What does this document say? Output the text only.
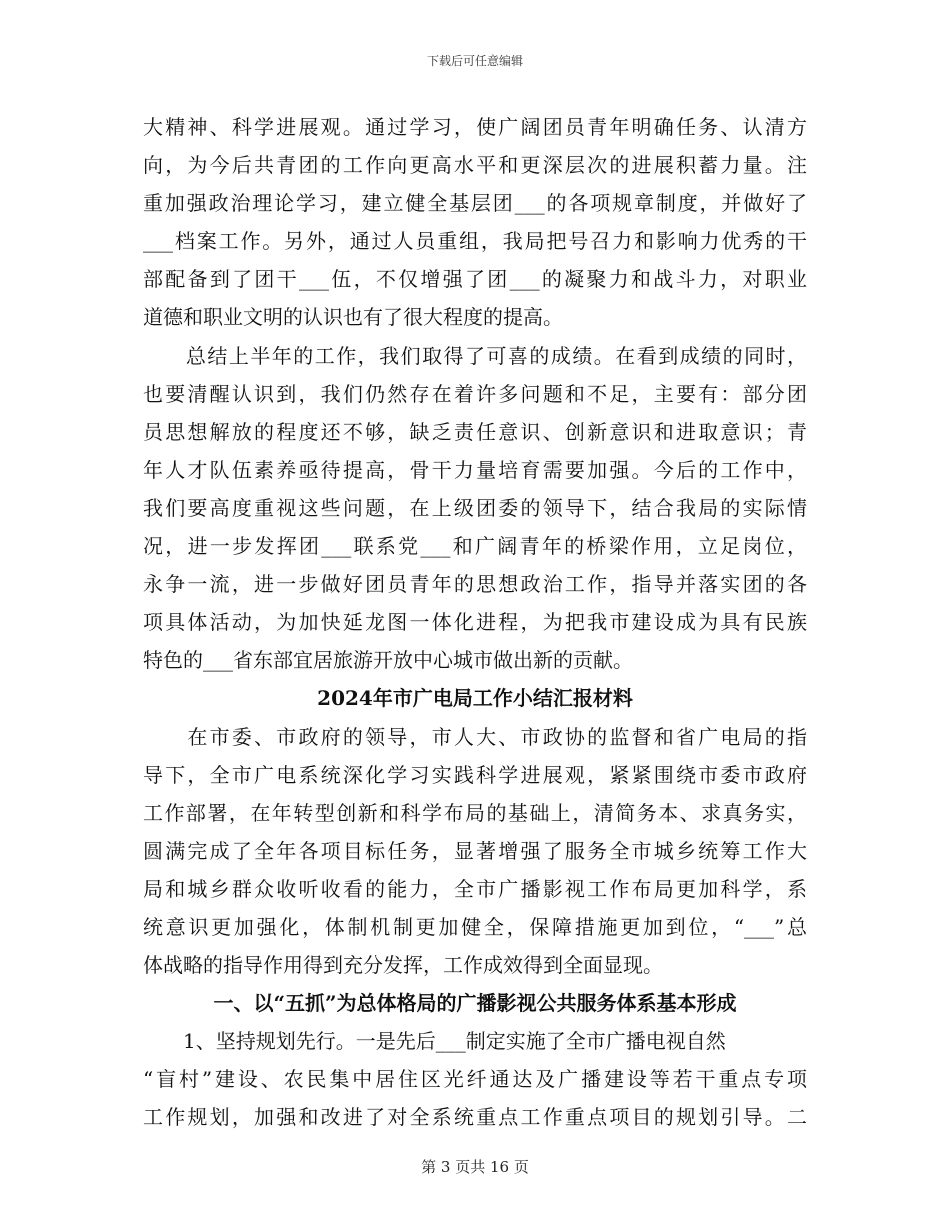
下载后可任意编辑
大精神、科学进展观。通过学习，使广阔团员青年明确任务、认清方
向，为今后共青团的工作向更高水平和更深层次的进展积蓄力量。注
重加强政治理论学习，建立健全基层团___的各项规章制度，并做好了
___档案工作。另外，通过人员重组，我局把号召力和影响力优秀的干
部配备到了团干___伍，不仅增强了团___的凝聚力和战斗力，对职业
道德和职业文明的认识也有了很大程度的提高。
　　总结上半年的工作，我们取得了可喜的成绩。在看到成绩的同时，
也要清醒认识到，我们仍然存在着许多问题和不足，主要有：部分团
员思想解放的程度还不够，缺乏责任意识、创新意识和进取意识；青
年人才队伍素养亟待提高，骨干力量培育需要加强。今后的工作中，
我们要高度重视这些问题，在上级团委的领导下，结合我局的实际情
况，进一步发挥团___联系党___和广阔青年的桥梁作用，立足岗位，
永争一流，进一步做好团员青年的思想政治工作，指导并落实团的各
项具体活动，为加快延龙图一体化进程，为把我市建设成为具有民族
特色的___省东部宜居旅游开放中心城市做出新的贡献。
2024年市广电局工作小结汇报材料
　　在市委、市政府的领导，市人大、市政协的监督和省广电局的指
导下，全市广电系统深化学习实践科学进展观，紧紧围绕市委市政府
工作部署，在年转型创新和科学布局的基础上，清简务本、求真务实，
圆满完成了全年各项目标任务，显著增强了服务全市城乡统筹工作大
局和城乡群众收听收看的能力，全市广播影视工作布局更加科学，系
统意识更加强化，体制机制更加健全，保障措施更加到位，“___”总
体战略的指导作用得到充分发挥，工作成效得到全面显现。
一、以“五抓”为总体格局的广播影视公共服务体系基本形成
　　1、坚持规划先行。一是先后___制定实施了全市广播电视自然
“盲村”建设、农民集中居住区光纤通达及广播建设等若干重点专项
工作规划，加强和改进了对全系统重点工作重点项目的规划引导。二
第 3 页共 16 页
